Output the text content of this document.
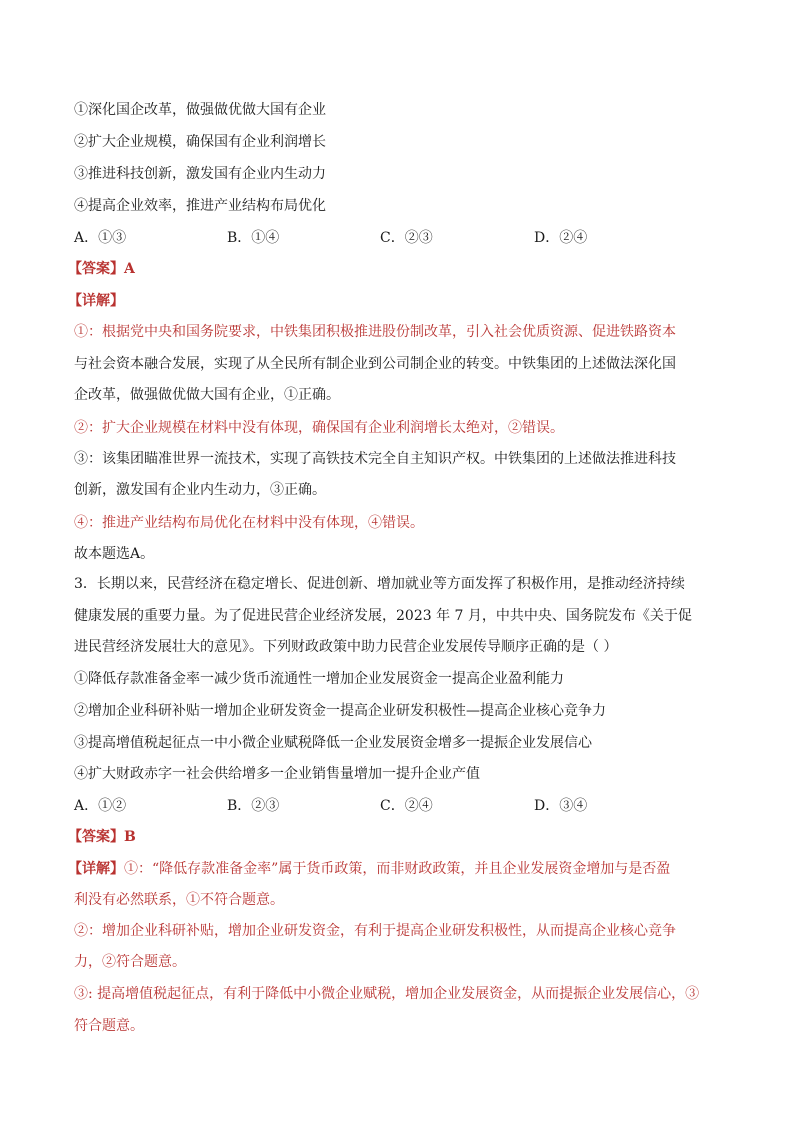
①深化国企改革，做强做优做大国有企业
②扩大企业规模，确保国有企业利润增长
③推进科技创新，激发国有企业内生动力
④提高企业效率，推进产业结构布局优化
A．①③	B．①④	C．②③	D．②④
【答案】A
【详解】
①：根据党中央和国务院要求，中铁集团积极推进股份制改革，引入社会优质资源、促进铁路资本
与社会资本融合发展，实现了从全民所有制企业到公司制企业的转变。中铁集团的上述做法深化国
企改革，做强做优做大国有企业，①正确。
②：扩大企业规模在材料中没有体现，确保国有企业利润增长太绝对，②错误。
③：该集团瞄准世界一流技术，实现了高铁技术完全自主知识产权。中铁集团的上述做法推进科技
创新，激发国有企业内生动力，③正确。
④：推进产业结构布局优化在材料中没有体现，④错误。
故本题选A。
3．长期以来，民营经济在稳定增长、促进创新、增加就业等方面发挥了积极作用，是推动经济持续
健康发展的重要力量。为了促进民营企业经济发展，2023 年 7 月，中共中央、国务院发布《关于促
进民营经济发展壮大的意见》。下列财政政策中助力民营企业发展传导顺序正确的是（ ）
①降低存款准备金率一减少货币流通性一增加企业发展资金一提高企业盈利能力
②增加企业科研补贴一增加企业研发资金一提高企业研发积极性—提高企业核心竞争力
③提高增值税起征点一中小微企业赋税降低一企业发展资金增多一提振企业发展信心
④扩大财政赤字一社会供给增多一企业销售量增加一提升企业产值
A．①②	B．②③	C．②④	D．③④
【答案】B
【详解】①：“降低存款准备金率”属于货币政策，而非财政政策，并且企业发展资金增加与是否盈
利没有必然联系，①不符合题意。
②：增加企业科研补贴，增加企业研发资金，有利于提高企业研发积极性，从而提高企业核心竞争
力，②符合题意。
③: 提高增值税起征点，有利于降低中小微企业赋税，增加企业发展资金，从而提振企业发展信心，③
符合题意。
